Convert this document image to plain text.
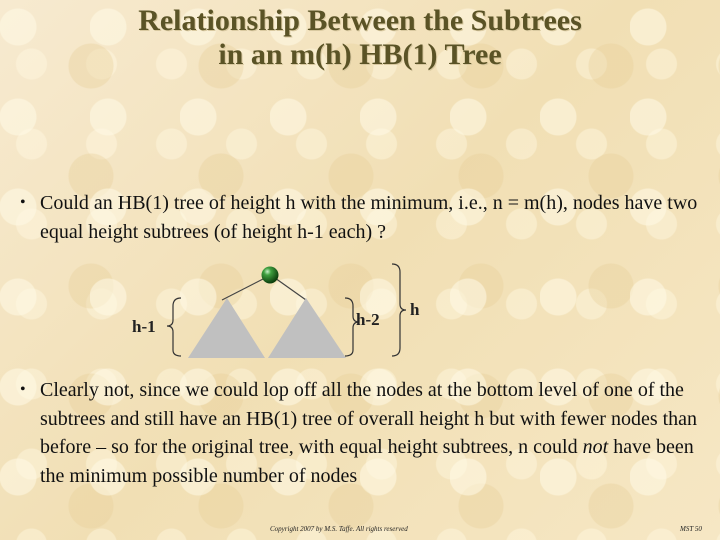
Relationship Between the Subtrees
in an m(h) HB(1) Tree
• Could an HB(1) tree of height h with the minimum, i.e., n = m(h), nodes have two equal height subtrees (of height h-1 each) ?
h-1	h-2
h
• Clearly not, since we could lop off all the nodes at the bottom level of one of the subtrees and still have an HB(1) tree of overall height h but with fewer nodes than before – so for the original tree, with equal height subtrees, n could not have been the minimum possible number of nodes
Copyright 2007 by M.S. Taffe. All rights reserved	MST 50
